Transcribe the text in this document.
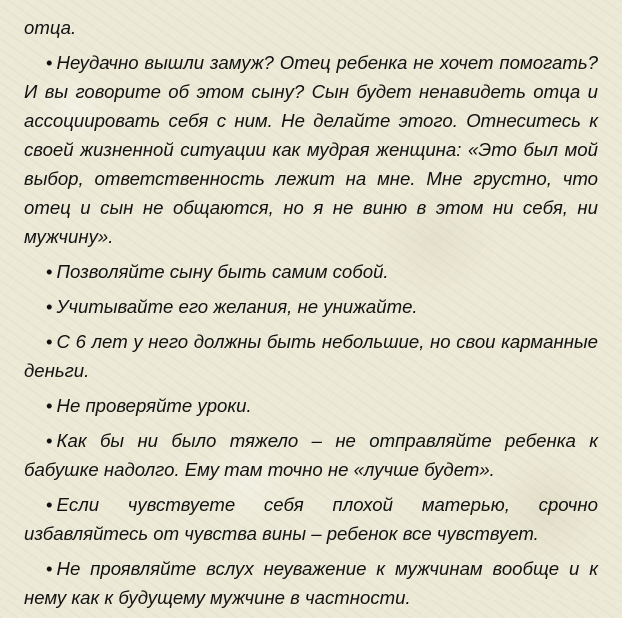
отца.

• Неудачно вышли замуж? Отец ребенка не хочет помогать? И вы говорите об этом сыну? Сын будет ненавидеть отца и ассоциировать себя с ним. Не делайте этого. Отнеситесь к своей жизненной ситуации как мудрая женщина: «Это был мой выбор, ответственность лежит на мне. Мне грустно, что отец и сын не общаются, но я не виню в этом ни себя, ни мужчину».

• Позволяйте сыну быть самим собой.

• Учитывайте его желания, не унижайте.

• С 6 лет у него должны быть небольшие, но свои карманные деньги.

• Не проверяйте уроки.

• Как бы ни было тяжело – не отправляйте ребенка к бабушке надолго. Ему там точно не «лучше будет».

• Если чувствуете себя плохой матерью, срочно избавляйтесь от чувства вины – ребенок все чувствует.

• Не проявляйте вслух неуважение к мужчинам вообще и к нему как к будущему мужчине в частности.
